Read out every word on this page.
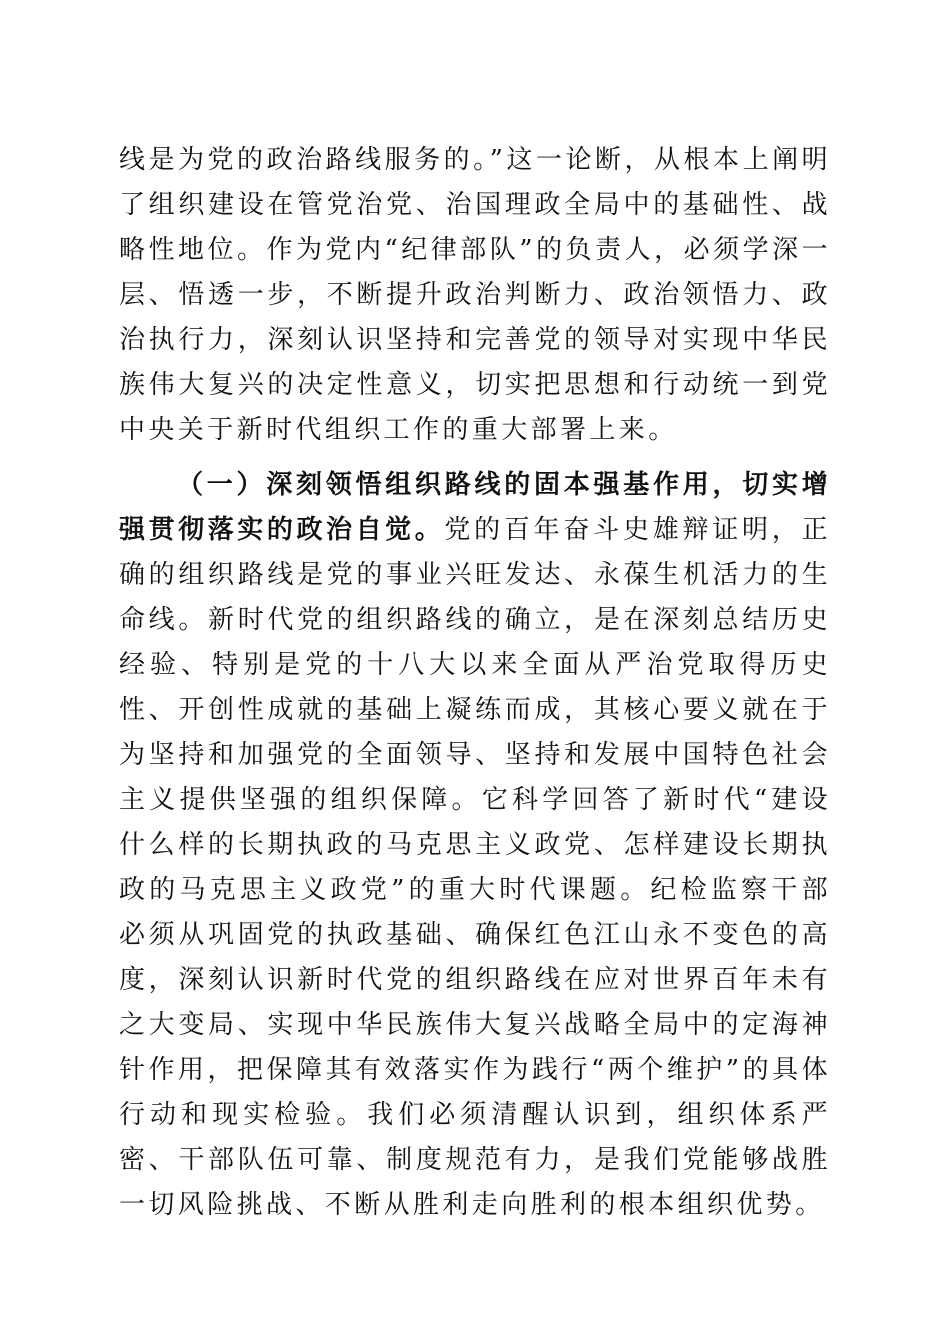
线是为党的政治路线服务的。”这一论断，从根本上阐明了组织建设在管党治党、治国理政全局中的基础性、战略性地位。作为党内“纪律部队”的负责人，必须学深一层、悟透一步，不断提升政治判断力、政治领悟力、政治执行力，深刻认识坚持和完善党的领导对实现中华民族伟大复兴的决定性意义，切实把思想和行动统一到党中央关于新时代组织工作的重大部署上来。

（一）深刻领悟组织路线的固本强基作用，切实增强贯彻落实的政治自觉。党的百年奋斗史雄辩证明，正确的组织路线是党的事业兴旺发达、永葆生机活力的生命线。新时代党的组织路线的确立，是在深刻总结历史经验、特别是党的十八大以来全面从严治党取得历史性、开创性成就的基础上凝练而成，其核心要义就在于为坚持和加强党的全面领导、坚持和发展中国特色社会主义提供坚强的组织保障。它科学回答了新时代“建设什么样的长期执政的马克思主义政党、怎样建设长期执政的马克思主义政党”的重大时代课题。纪检监察干部必须从巩固党的执政基础、确保红色江山永不变色的高度，深刻认识新时代党的组织路线在应对世界百年未有之大变局、实现中华民族伟大复兴战略全局中的定海神针作用，把保障其有效落实作为践行“两个维护”的具体行动和现实检验。我们必须清醒认识到，组织体系严密、干部队伍可靠、制度规范有力，是我们党能够战胜一切风险挑战、不断从胜利走向胜利的根本组织优势。
